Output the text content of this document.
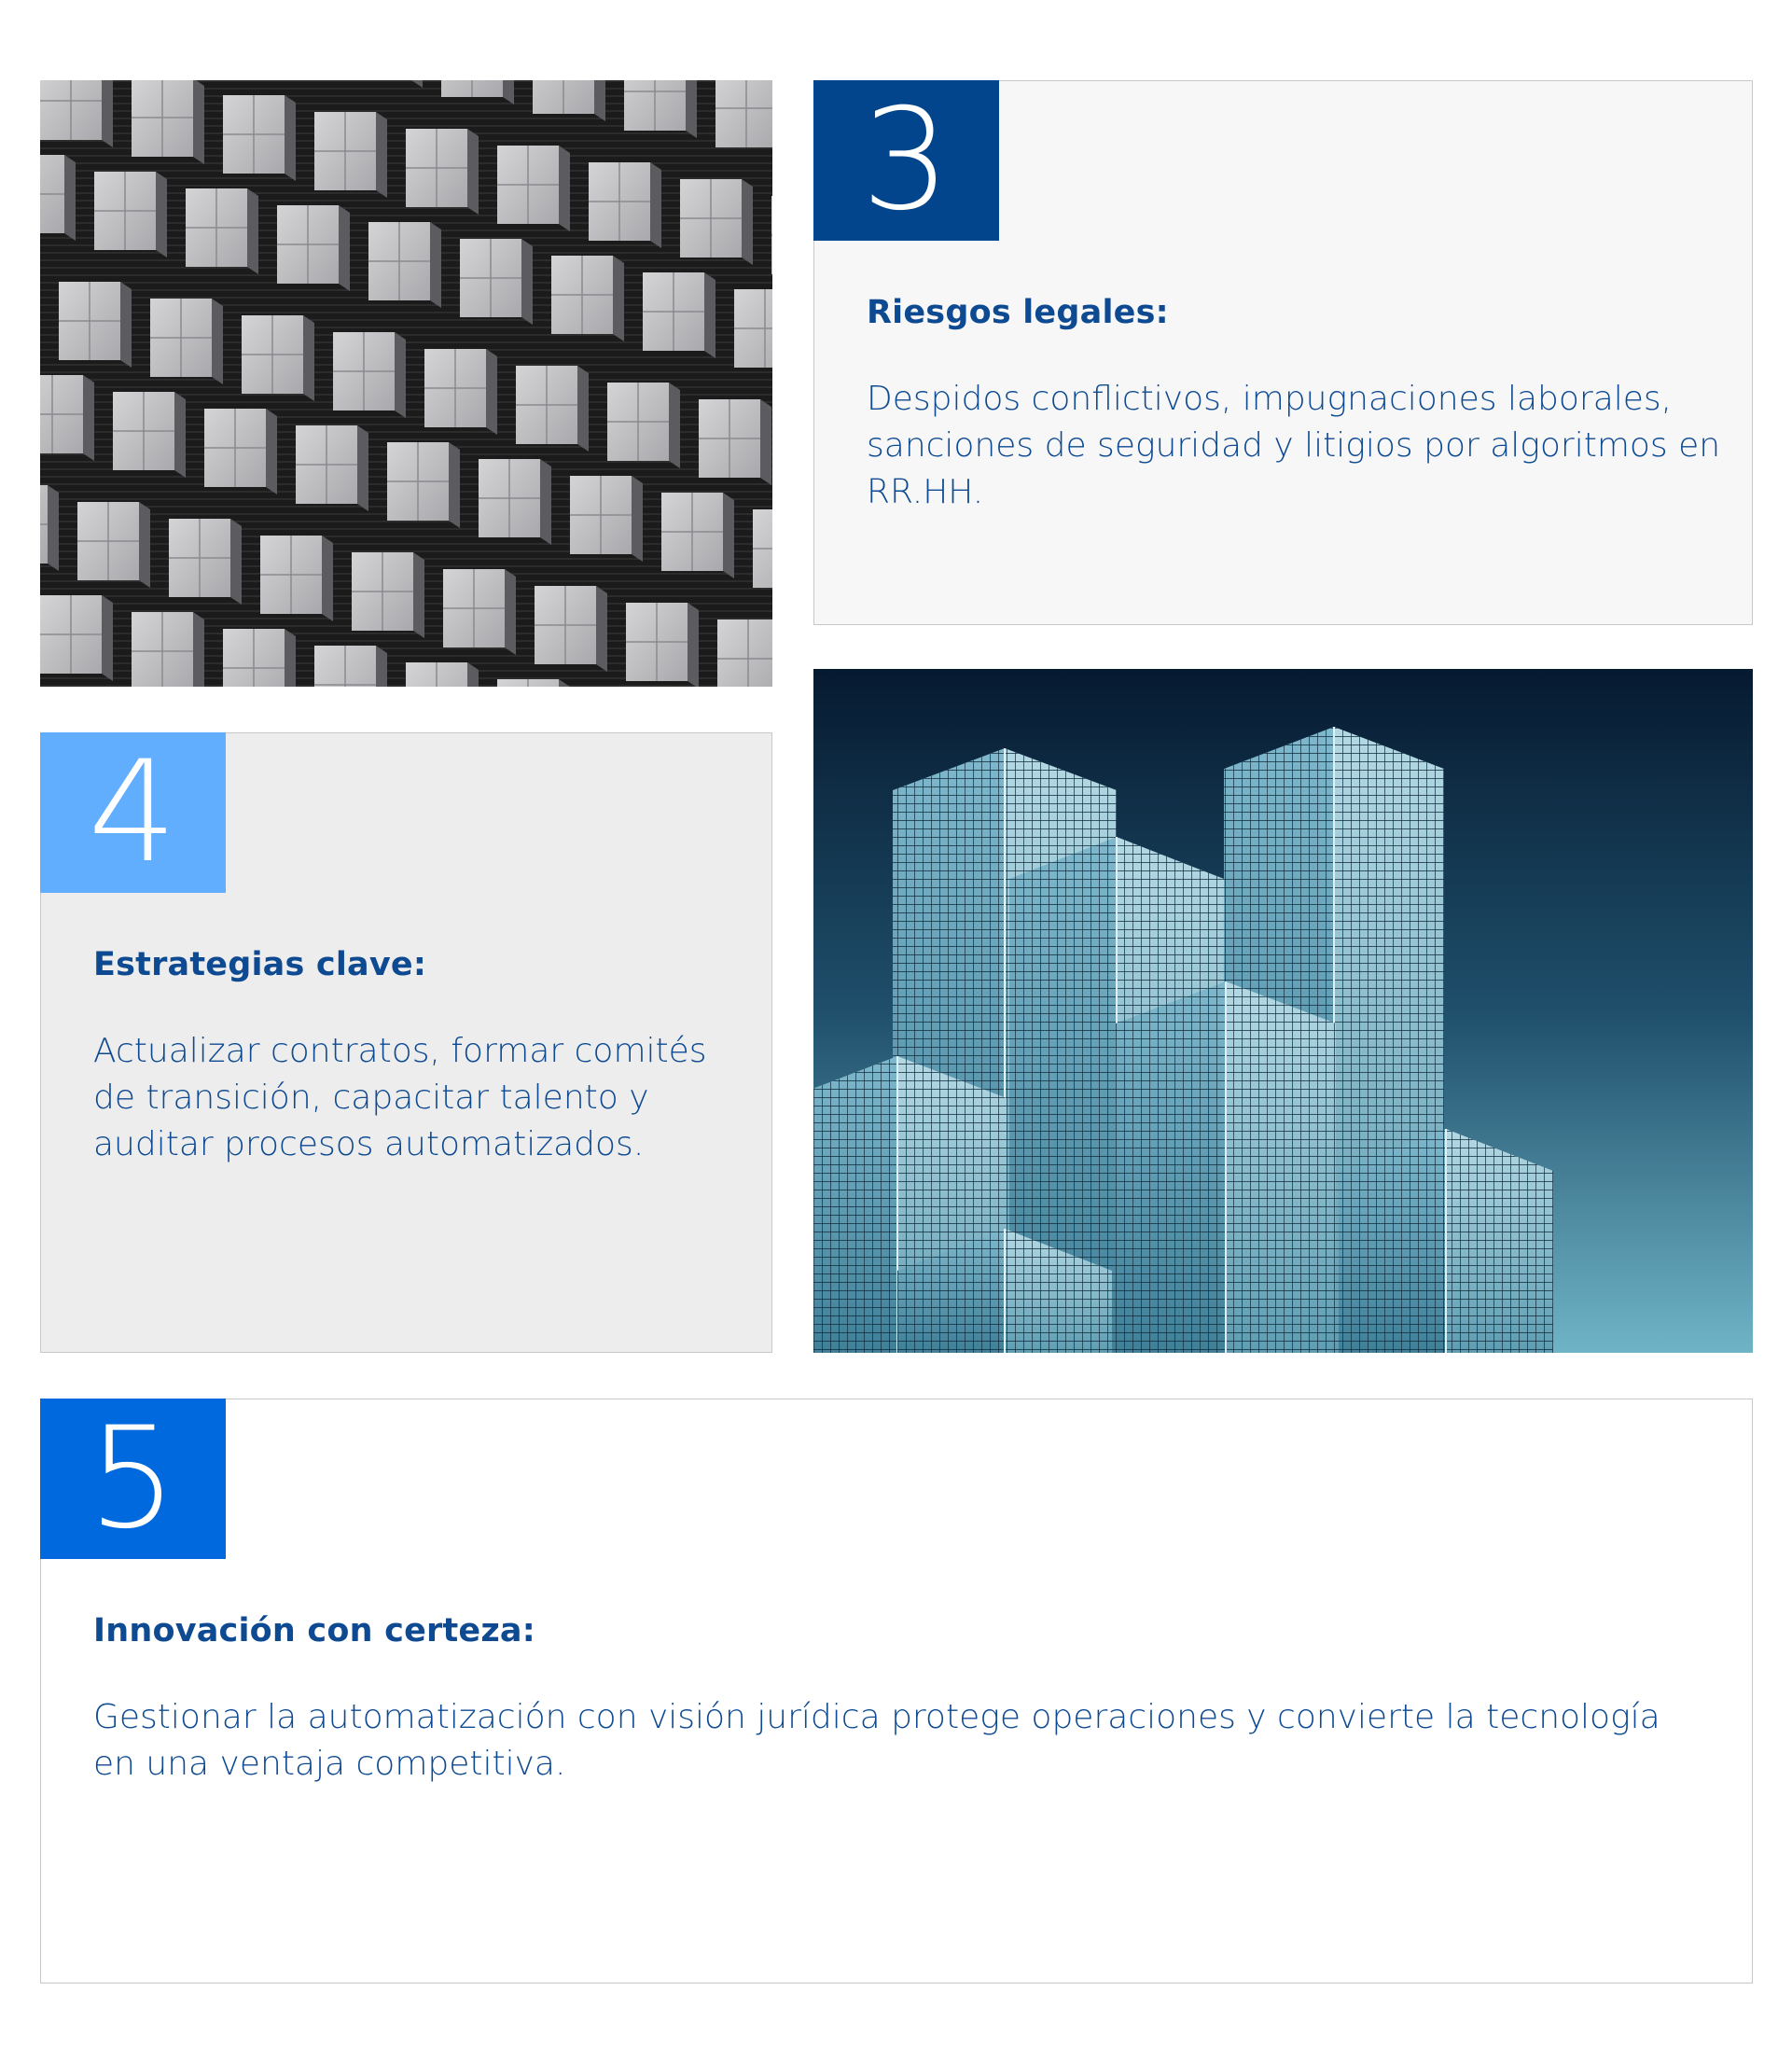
3
Riesgos legales:

Despidos conflictivos, impugnaciones laborales, sanciones de seguridad y litigios por algoritmos en RR.HH.

4
Estrategias clave:

Actualizar contratos, formar comités de transición, capacitar talento y auditar procesos automatizados.

5
Innovación con certeza:

Gestionar la automatización con visión jurídica protege operaciones y convierte la tecnología en una ventaja competitiva.
